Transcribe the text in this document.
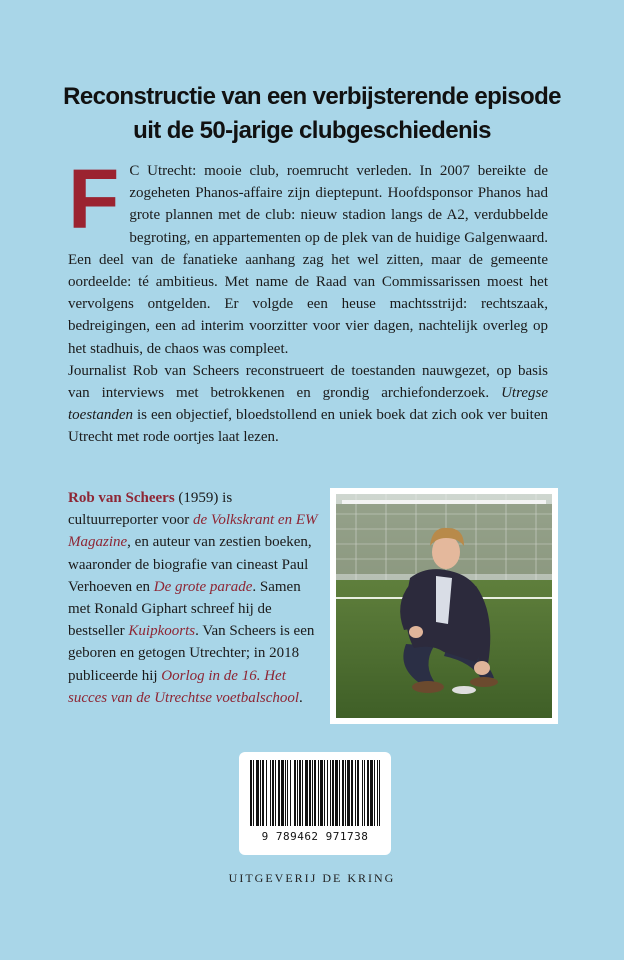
Reconstructie van een verbijsterende episode
uit de 50-jarige clubgeschiedenis
F C Utrecht: mooie club, roemrucht verleden. In 2007 bereikte de zogeheten Phanos-affaire zijn dieptepunt. Hoofdsponsor Phanos had grote plannen met de club: nieuw stadion langs de A2, verdubbelde begroting, en appartementen op de plek van de huidige Galgenwaard. Een deel van de fanatieke aanhang zag het wel zitten, maar de gemeente oordeelde: té ambitieus. Met name de Raad van Commissarissen moest het vervolgens ontgelden. Er volgde een heuse machtsstrijd: rechtszaak, bedreigingen, een ad interim voorzitter voor vier dagen, nachtelijk overleg op het stadhuis, de chaos was compleet.

Journalist Rob van Scheers reconstrueert de toestanden nauwgezet, op basis van interviews met betrokkenen en grondig archiefonderzoek. Utregse toestanden is een objectief, bloedstollend en uniek boek dat zich ook ver buiten Utrecht met rode oortjes laat lezen.

Rob van Scheers (1959) is cultuurreporter voor de Volkskrant en EW Magazine, en auteur van zestien boeken, waaronder de biografie van cineast Paul Verhoeven en De grote parade. Samen met Ronald Giphart schreef hij de bestseller Kuipkoorts. Van Scheers is een geboren en getogen Utrechter; in 2018 publiceerde hij Oorlog in de 16. Het succes van de Utrechtse voetbalschool.
9 789462 971738
UITGEVERIJ DE KRING
